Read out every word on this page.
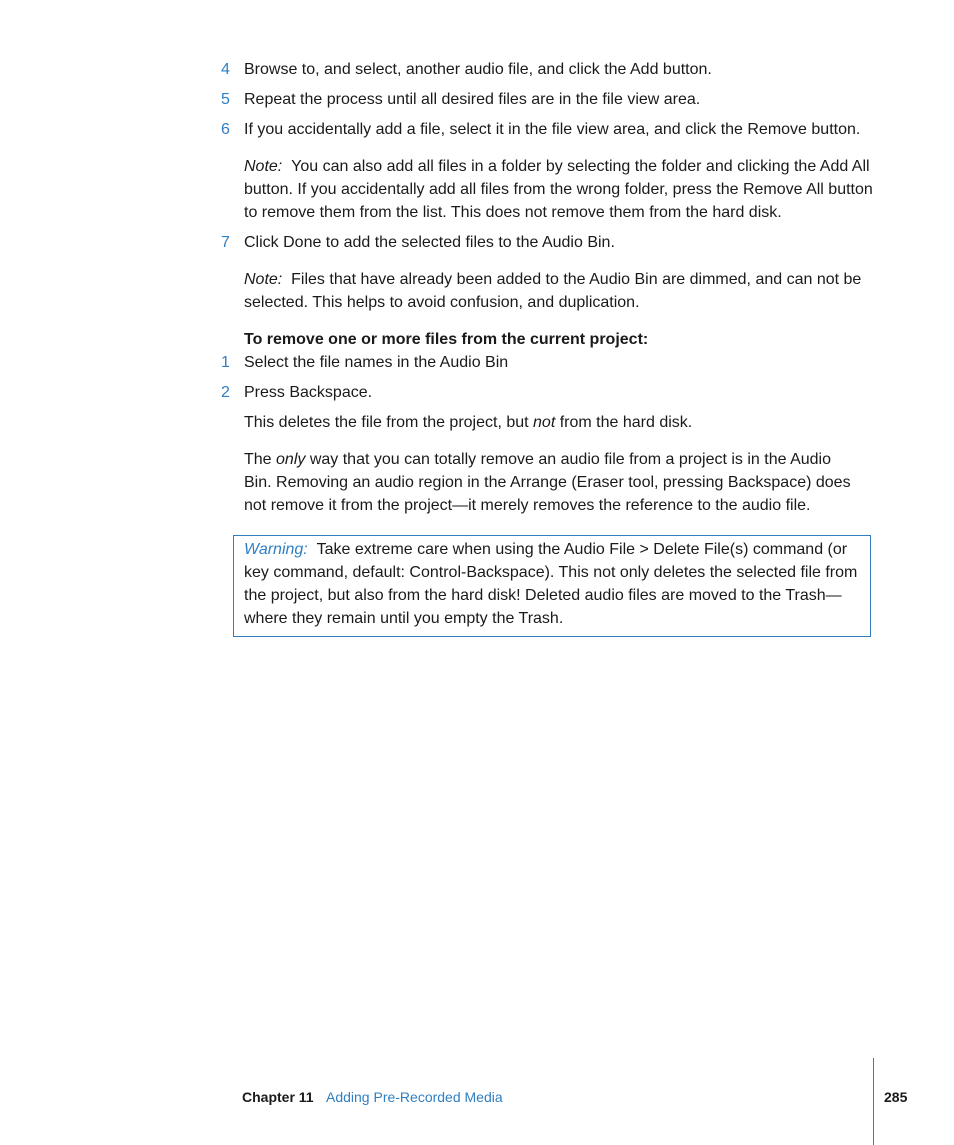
4 Browse to, and select, another audio file, and click the Add button.
5 Repeat the process until all desired files are in the file view area.
6 If you accidentally add a file, select it in the file view area, and click the Remove button.
Note: You can also add all files in a folder by selecting the folder and clicking the Add All button. If you accidentally add all files from the wrong folder, press the Remove All button to remove them from the list. This does not remove them from the hard disk.
7 Click Done to add the selected files to the Audio Bin.
Note: Files that have already been added to the Audio Bin are dimmed, and can not be selected. This helps to avoid confusion, and duplication.
To remove one or more files from the current project:
1 Select the file names in the Audio Bin
2 Press Backspace.
This deletes the file from the project, but not from the hard disk.
The only way that you can totally remove an audio file from a project is in the Audio Bin. Removing an audio region in the Arrange (Eraser tool, pressing Backspace) does not remove it from the project—it merely removes the reference to the audio file.
Warning: Take extreme care when using the Audio File > Delete File(s) command (or key command, default: Control-Backspace). This not only deletes the selected file from the project, but also from the hard disk! Deleted audio files are moved to the Trash—where they remain until you empty the Trash.
Chapter 11 Adding Pre-Recorded Media	285
